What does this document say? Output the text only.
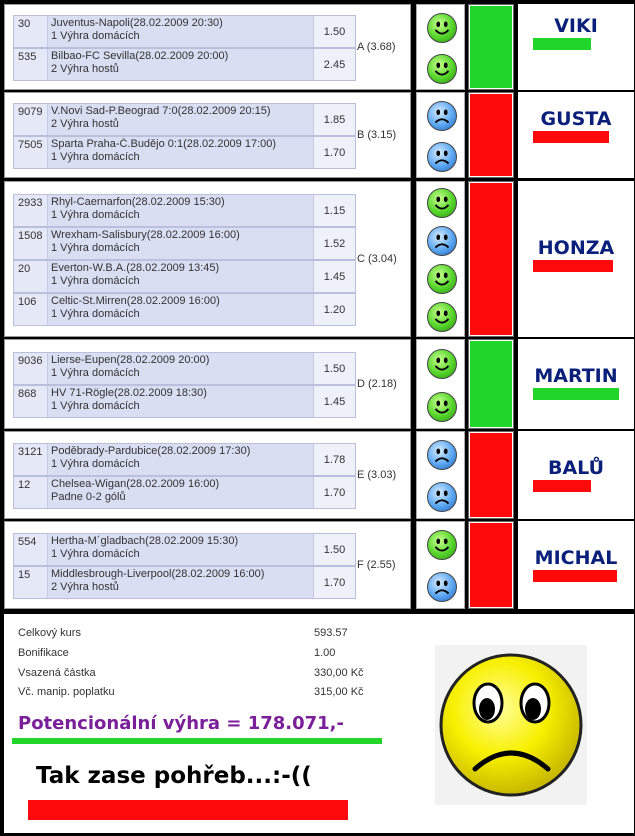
30	Juventus-Napoli(28.02.2009 20:30)
1 Výhra domácích	1.50
535	Bilbao-FC Sevilla(28.02.2009 20:00)
2 Výhra hostů	2.45
A (3.68)
VIKI
9079 V.Novi Sad-P.Beograd 7:0(28.02.2009 20:15)
2 Výhra hostů	1.85
7505 Sparta Praha-Č.Budějo 0:1(28.02.2009 17:00)
1 Výhra domácích	1.70
B (3.15)
GUSTA
2933 Rhyl-Caernarfon(28.02.2009 15:30)
1 Výhra domácích	1.15
1508 Wrexham-Salisbury(28.02.2009 16:00)
1 Výhra domácích	1.52
20	Everton-W.B.A.(28.02.2009 13:45)
1 Výhra domácích	1.45
106	Celtic-St.Mirren(28.02.2009 16:00)
1 Výhra domácích	1.20
C (3.04)	HONZA
9036 Lierse-Eupen(28.02.2009 20:00)
1 Výhra domácích	1.50
868	HV 71-Rögle(28.02.2009 18:30)
1 Výhra domácích	1.45
D (2.18)	MARTIN
3121 Poděbrady-Pardubice(28.02.2009 17:30)
1 Výhra domácích	1.78
12	Chelsea-Wigan(28.02.2009 16:00)
Padne 0-2 gólů	1.70
E (3.03)	BALŮ
554	Hertha-M´gladbach(28.02.2009 15:30)
1 Výhra domácích	1.50
15	Middlesbrough-Liverpool(28.02.2009 16:00)
2 Výhra hostů	1.70
F (2.55)	MICHAL
Celkový kurs	593.57
Bonifikace	1.00
Vsazená částka	330,00 Kč
Vč. manip. poplatku	315,00 Kč
Potencionální výhra = 178.071,-
Tak zase pohřeb...:-((
